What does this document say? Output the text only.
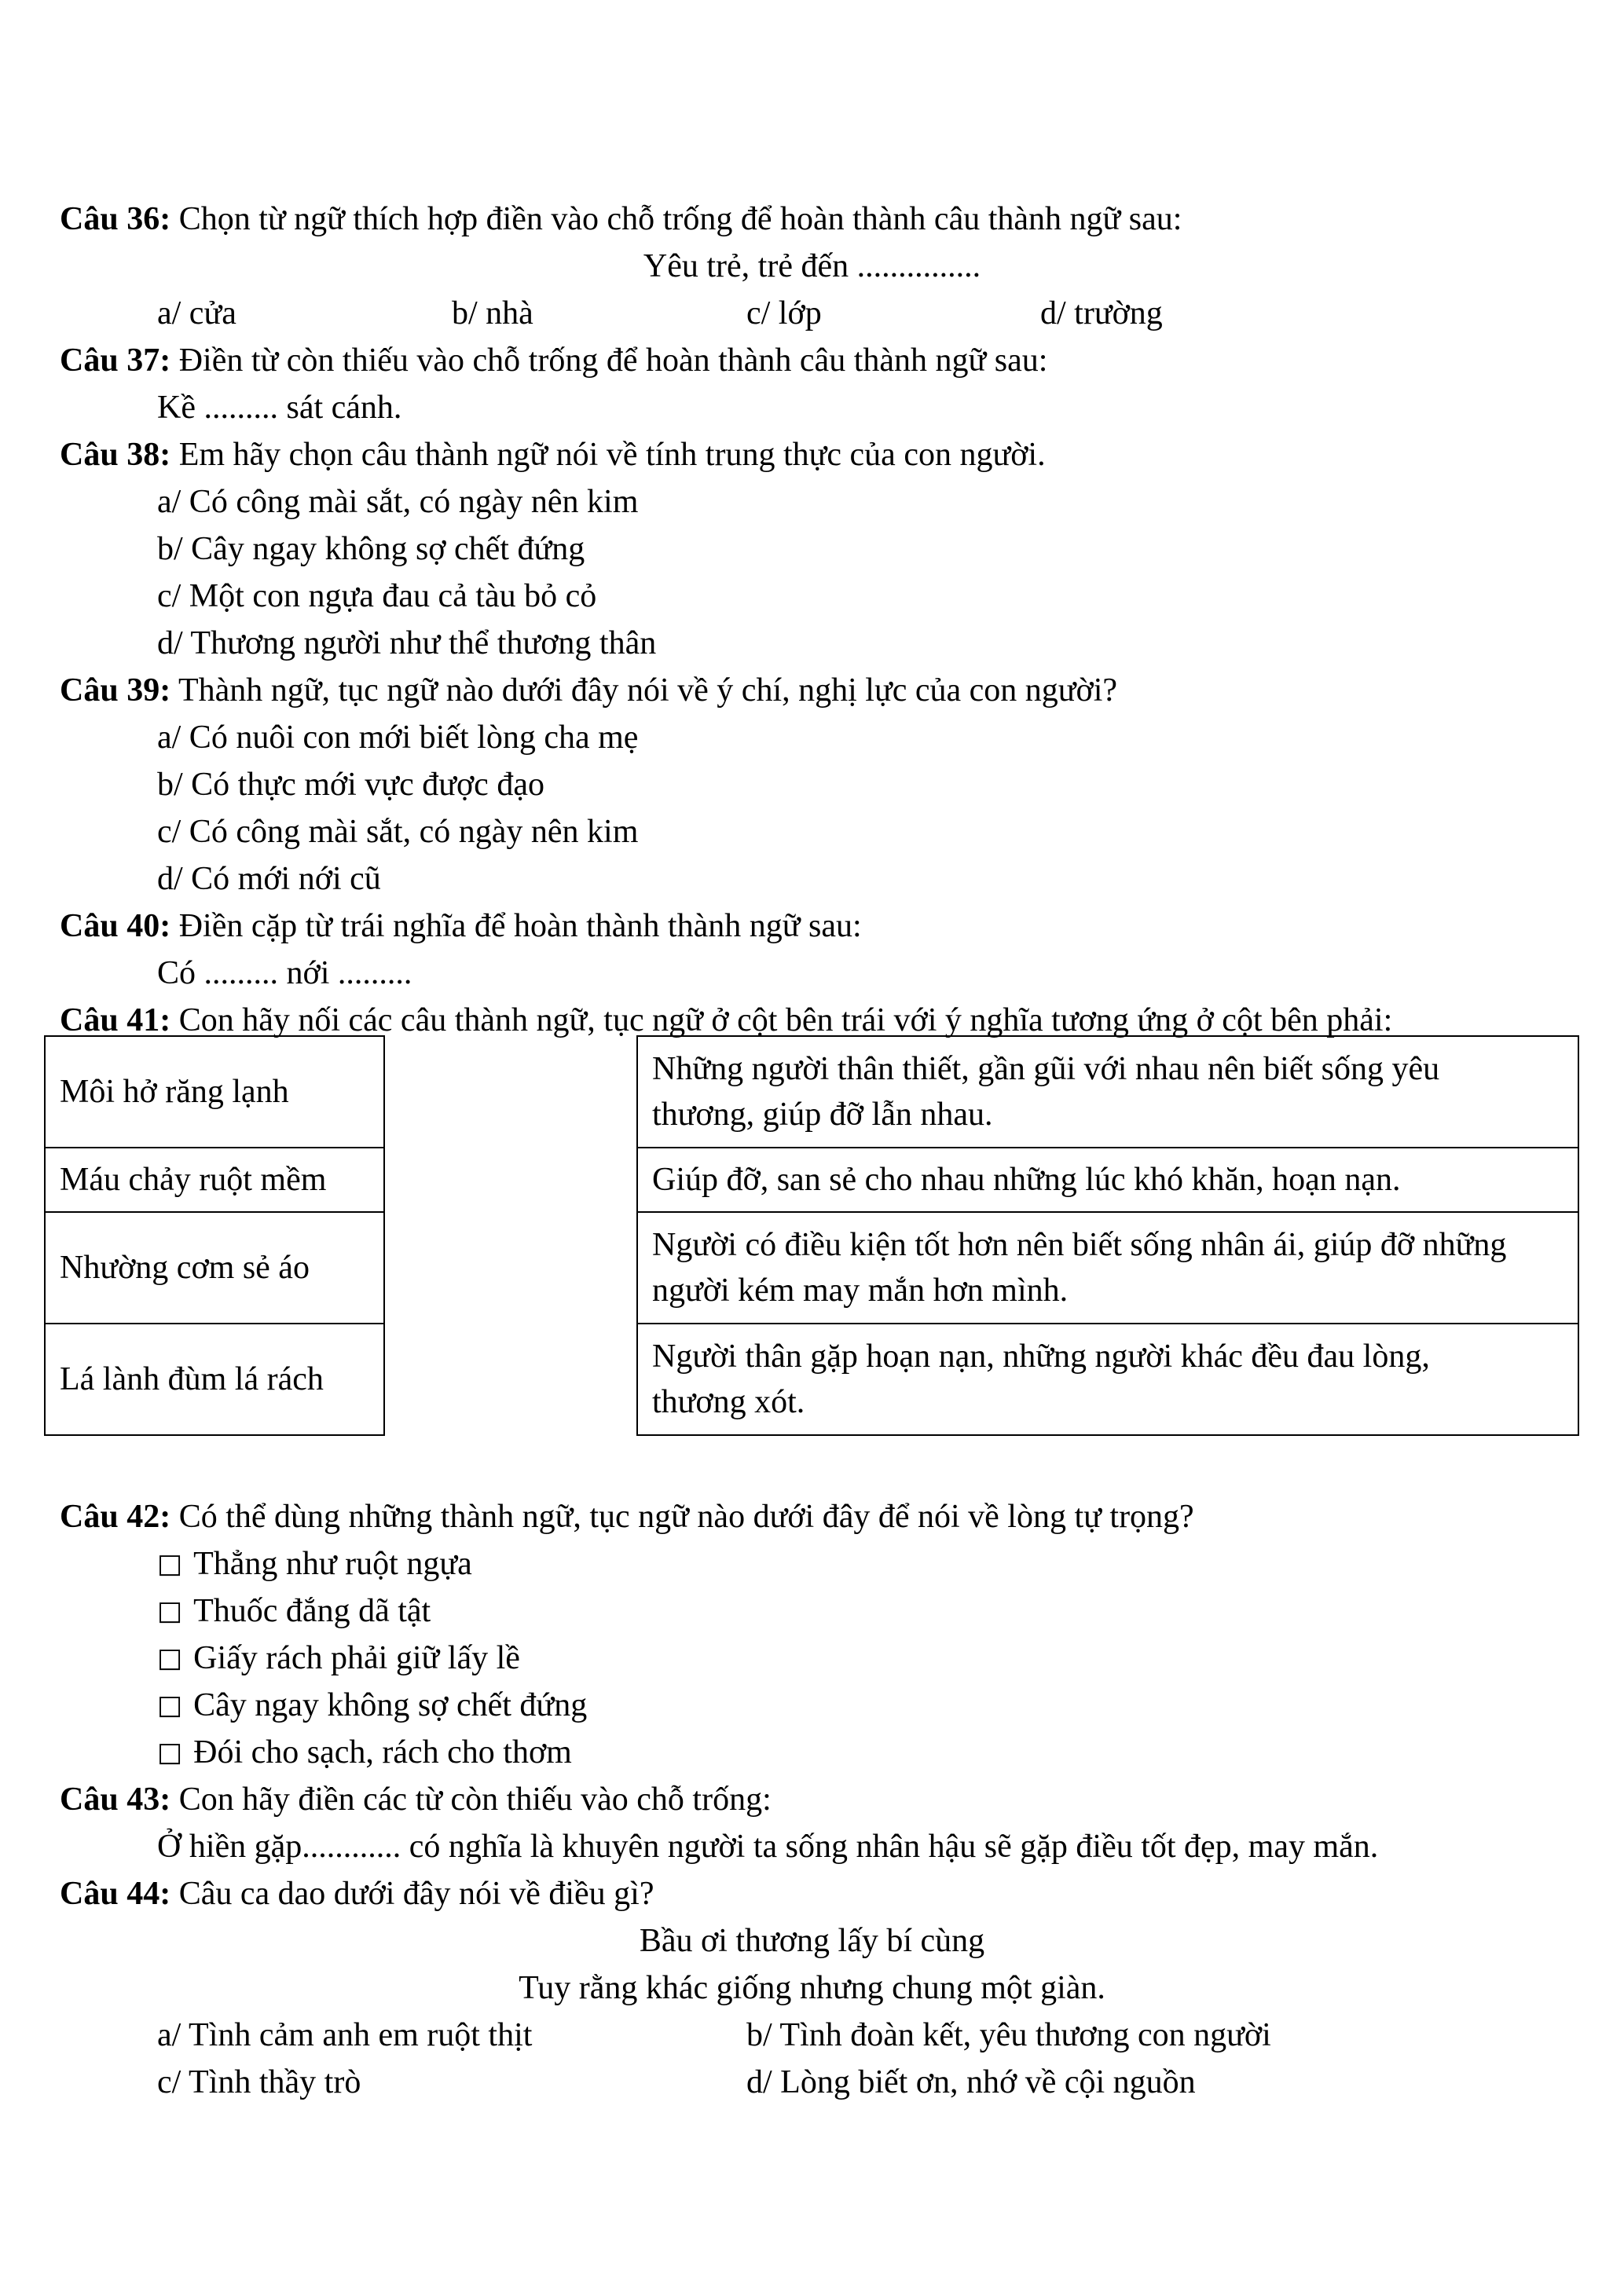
Câu 36: Chọn từ ngữ thích hợp điền vào chỗ trống để hoàn thành câu thành ngữ sau:
Yêu trẻ, trẻ đến ...............
a/ cửa	b/ nhà	c/ lớp	d/ trường
Câu 37: Điền từ còn thiếu vào chỗ trống để hoàn thành câu thành ngữ sau:
Kề ......... sát cánh.
Câu 38: Em hãy chọn câu thành ngữ nói về tính trung thực của con người.
a/ Có công mài sắt, có ngày nên kim
b/ Cây ngay không sợ chết đứng
c/ Một con ngựa đau cả tàu bỏ cỏ
d/ Thương người như thể thương thân
Câu 39: Thành ngữ, tục ngữ nào dưới đây nói về ý chí, nghị lực của con người?
a/ Có nuôi con mới biết lòng cha mẹ
b/ Có thực mới vực được đạo
c/ Có công mài sắt, có ngày nên kim
d/ Có mới nới cũ
Câu 40: Điền cặp từ trái nghĩa để hoàn thành thành ngữ sau:
Có ......... nới .........
Câu 41: Con hãy nối các câu thành ngữ, tục ngữ ở cột bên trái với ý nghĩa tương ứng ở cột bên phải:
Môi hở răng lạnh		Những người thân thiết, gần gũi với nhau nên biết sống yêu
thương, giúp đỡ lẫn nhau.
Máu chảy ruột mềm		Giúp đỡ, san sẻ cho nhau những lúc khó khăn, hoạn nạn.
Nhường cơm sẻ áo		Người có điều kiện tốt hơn nên biết sống nhân ái, giúp đỡ những
người kém may mắn hơn mình.
Lá lành đùm lá rách		Người thân gặp hoạn nạn, những người khác đều đau lòng,
thương xót.
Câu 42: Có thể dùng những thành ngữ, tục ngữ nào dưới đây để nói về lòng tự trọng?
□ Thẳng như ruột ngựa
□ Thuốc đắng dã tật
□ Giấy rách phải giữ lấy lề
□ Cây ngay không sợ chết đứng
□ Đói cho sạch, rách cho thơm
Câu 43: Con hãy điền các từ còn thiếu vào chỗ trống:
Ở hiền gặp............ có nghĩa là khuyên người ta sống nhân hậu sẽ gặp điều tốt đẹp, may mắn.
Câu 44: Câu ca dao dưới đây nói về điều gì?
Bầu ơi thương lấy bí cùng
Tuy rằng khác giống nhưng chung một giàn.
a/ Tình cảm anh em ruột thịt	b/ Tình đoàn kết, yêu thương con người
c/ Tình thầy trò	d/ Lòng biết ơn, nhớ về cội nguồn
